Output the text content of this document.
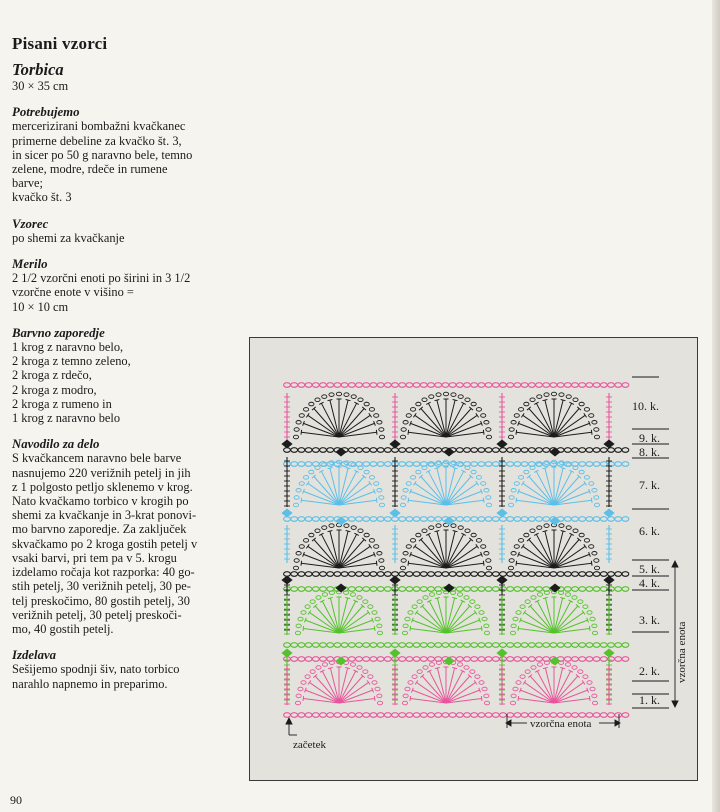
Pisani vzorci
Torbica
30 × 35 cm
Potrebujemo
mercerizirani bombažni kvačkanec
primerne debeline za kvačko št. 3,
in sicer po 50 g naravno bele, temno
zelene, modre, rdeče in rumene
barve;
kvačko št. 3
Vzorec
po shemi za kvačkanje
Merilo
2 1/2 vzorčni enoti po širini in 3 1/2
vzorčne enote v višino =
10 × 10 cm
Barvno zaporedje
1 krog z naravno belo,
2 kroga z temno zeleno,
2 kroga z rdečo,
2 kroga z modro,
2 kroga z rumeno in
1 krog z naravno belo
Navodilo za delo
S kvačkancem naravno bele barve
nasnujemo 220 verižnih petelj in jih
z 1 polgosto petljo sklenemo v krog.
Nato kvačkamo torbico v krogih po
shemi za kvačkanje in 3-krat ponovi-
mo barvno zaporedje. Za zaključek
skvačkamo po 2 kroga gostih petelj v
vsaki barvi, pri tem pa v 5. krogu
izdelamo ročaja kot razporka: 40 go-
stih petelj, 30 verižnih petelj, 30 pe-
telj preskočimo, 80 gostih petelj, 30
verižnih petelj, 30 petelj preskoči-
mo, 40 gostih petelj.
Izdelava
Sešijemo spodnji šiv, nato torbico
narahlo napnemo in preparimo.
10. k.
9. k.
8. k.
7. k.
6. k.
5. k.
4. k.
3. k.
2. k.
1. k.
vzorčna enota
vzorčna enota
začetek
90
